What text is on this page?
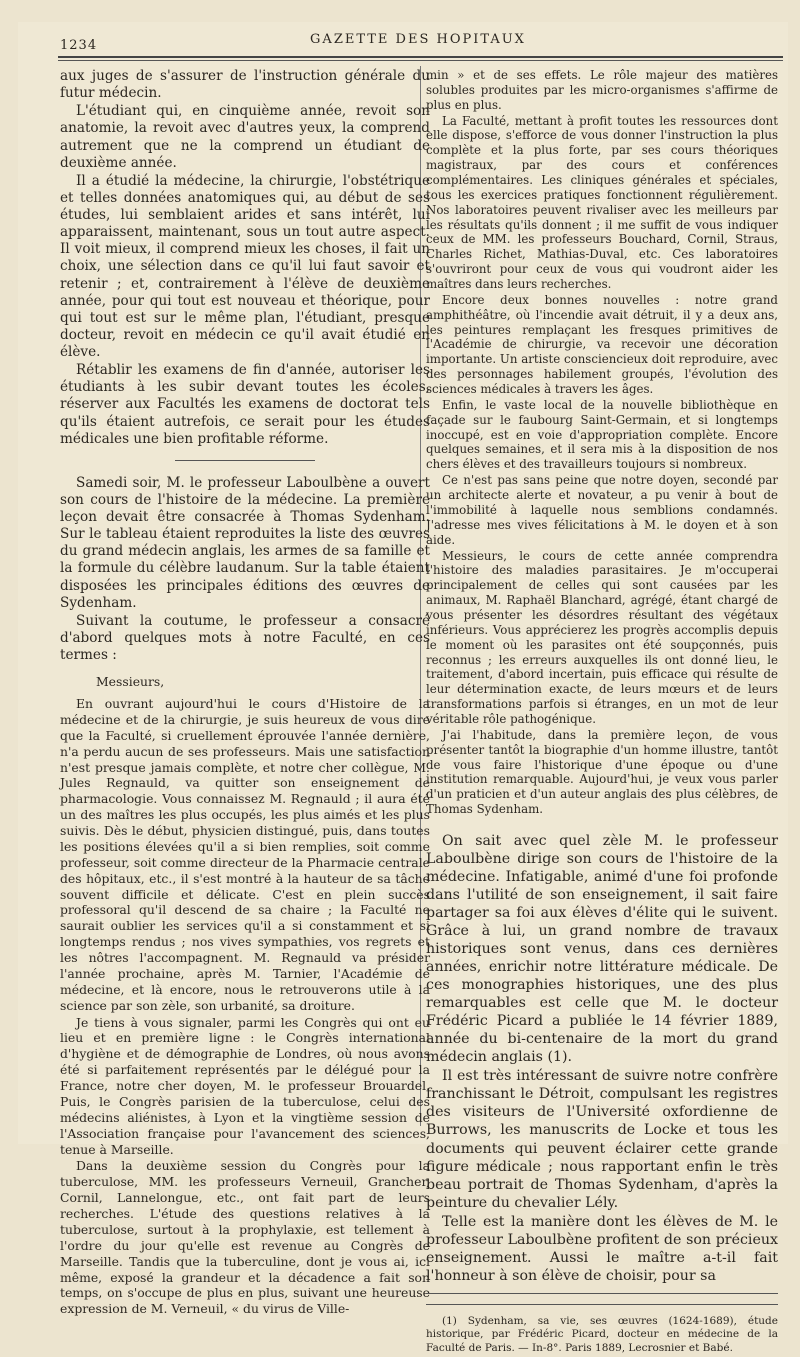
1234	GAZETTE DES HOPITAUX

aux juges de s'assurer de l'instruction générale du futur médecin.

L'étudiant qui, en cinquième année, revoit son anatomie, la revoit avec d'autres yeux, la comprend autrement que ne la comprend un étudiant de deuxième année.

Il a étudié la médecine, la chirurgie, l'obstétrique et telles données anatomiques qui, au début de ses études, lui semblaient arides et sans intérêt, lui apparaissent, maintenant, sous un tout autre aspect. Il voit mieux, il comprend mieux les choses, il fait un choix, une sélection dans ce qu'il lui faut savoir et retenir ; et, contrairement à l'élève de deuxième année, pour qui tout est nouveau et théorique, pour qui tout est sur le même plan, l'étudiant, presque docteur, revoit en médecin ce qu'il avait étudié en élève.

Rétablir les examens de fin d'année, autoriser les étudiants à les subir devant toutes les écoles, réserver aux Facultés les examens de doctorat tels qu'ils étaient autrefois, ce serait pour les études médicales une bien profitable réforme.

Samedi soir, M. le professeur Laboulbène a ouvert son cours de l'histoire de la médecine. La première leçon devait être consacrée à Thomas Sydenham. Sur le tableau étaient reproduites la liste des œuvres du grand médecin anglais, les armes de sa famille et la formule du célèbre laudanum. Sur la table étaient disposées les principales éditions des œuvres de Sydenham.

Suivant la coutume, le professeur a consacré d'abord quelques mots à notre Faculté, en ces termes :

Messieurs,

En ouvrant aujourd'hui le cours d'Histoire de la médecine et de la chirurgie, je suis heureux de vous dire que la Faculté, si cruellement éprouvée l'année dernière, n'a perdu aucun de ses professeurs. Mais une satisfaction n'est presque jamais complète, et notre cher collègue, M. Jules Regnauld, va quitter son enseignement de pharmacologie. Vous connaissez M. Regnauld ; il aura été un des maîtres les plus occupés, les plus aimés et les plus suivis. Dès le début, physicien distingué, puis, dans toutes les positions élevées qu'il a si bien remplies, soit comme professeur, soit comme directeur de la Pharmacie centrale des hôpitaux, etc., il s'est montré à la hauteur de sa tâche souvent difficile et délicate. C'est en plein succès professoral qu'il descend de sa chaire ; la Faculté ne saurait oublier les services qu'il a si constamment et si longtemps rendus ; nos vives sympathies, vos regrets et les nôtres l'accompagnent. M. Regnauld va présider l'année prochaine, après M. Tarnier, l'Académie de médecine, et là encore, nous le retrouverons utile à la science par son zèle, son urbanité, sa droiture.

Je tiens à vous signaler, parmi les Congrès qui ont eu lieu et en première ligne : le Congrès international d'hygiène et de démographie de Londres, où nous avons été si parfaitement représentés par le délégué pour la France, notre cher doyen, M. le professeur Brouardel. Puis, le Congrès parisien de la tuberculose, celui des médecins aliénistes, à Lyon et la vingtième session de l'Association française pour l'avancement des sciences, tenue à Marseille.

Dans la deuxième session du Congrès pour la tuberculose, MM. les professeurs Verneuil, Grancher, Cornil, Lannelongue, etc., ont fait part de leurs recherches. L'étude des questions relatives à la tuberculose, surtout à la prophylaxie, est tellement à l'ordre du jour qu'elle est revenue au Congrès de Marseille. Tandis que la tuberculine, dont je vous ai, ici même, exposé la grandeur et la décadence a fait son temps, on s'occupe de plus en plus, suivant une heureuse expression de M. Verneuil, « du virus de Ville-

min » et de ses effets. Le rôle majeur des matières solubles produites par les micro-organismes s'affirme de plus en plus.

La Faculté, mettant à profit toutes les ressources dont elle dispose, s'efforce de vous donner l'instruction la plus complète et la plus forte, par ses cours théoriques magistraux, par des cours et conférences complémentaires. Les cliniques générales et spéciales, tous les exercices pratiques fonctionnent régulièrement. Nos laboratoires peuvent rivaliser avec les meilleurs par les résultats qu'ils donnent ; il me suffit de vous indiquer ceux de MM. les professeurs Bouchard, Cornil, Straus, Charles Richet, Mathias-Duval, etc. Ces laboratoires s'ouvriront pour ceux de vous qui voudront aider les maîtres dans leurs recherches.

Encore deux bonnes nouvelles : notre grand amphithéâtre, où l'incendie avait détruit, il y a deux ans, les peintures remplaçant les fresques primitives de l'Académie de chirurgie, va recevoir une décoration importante. Un artiste consciencieux doit reproduire, avec des personnages habilement groupés, l'évolution des sciences médicales à travers les âges.

Enfin, le vaste local de la nouvelle bibliothèque en façade sur le faubourg Saint-Germain, et si longtemps inoccupé, est en voie d'appropriation complète. Encore quelques semaines, et il sera mis à la disposition de nos chers élèves et des travailleurs toujours si nombreux.

Ce n'est pas sans peine que notre doyen, secondé par un architecte alerte et novateur, a pu venir à bout de l'immobilité à laquelle nous semblions condamnés. J'adresse mes vives félicitations à M. le doyen et à son aide.

Messieurs, le cours de cette année comprendra l'histoire des maladies parasitaires. Je m'occuperai principalement de celles qui sont causées par les animaux, M. Raphaël Blanchard, agrégé, étant chargé de vous présenter les désordres résultant des végétaux inférieurs. Vous apprécierez les progrès accomplis depuis le moment où les parasites ont été soupçonnés, puis reconnus ; les erreurs auxquelles ils ont donné lieu, le traitement, d'abord incertain, puis efficace qui résulte de leur détermination exacte, de leurs mœurs et de leurs transformations parfois si étranges, en un mot de leur véritable rôle pathogénique.

J'ai l'habitude, dans la première leçon, de vous présenter tantôt la biographie d'un homme illustre, tantôt de vous faire l'historique d'une époque ou d'une institution remarquable. Aujourd'hui, je veux vous parler d'un praticien et d'un auteur anglais des plus célèbres, de Thomas Sydenham.

On sait avec quel zèle M. le professeur Laboulbène dirige son cours de l'histoire de la médecine. Infatigable, animé d'une foi profonde dans l'utilité de son enseignement, il sait faire partager sa foi aux élèves d'élite qui le suivent. Grâce à lui, un grand nombre de travaux historiques sont venus, dans ces dernières années, enrichir notre littérature médicale. De ces monographies historiques, une des plus remarquables est celle que M. le docteur Frédéric Picard a publiée le 14 février 1889, année du bi-centenaire de la mort du grand médecin anglais (1).

Il est très intéressant de suivre notre confrère franchissant le Détroit, compulsant les registres des visiteurs de l'Université oxfordienne de Burrows, les manuscrits de Locke et tous les documents qui peuvent éclairer cette grande figure médicale ; nous rapportant enfin le très beau portrait de Thomas Sydenham, d'après la peinture du chevalier Lély.

Telle est la manière dont les élèves de M. le professeur Laboulbène profitent de son précieux enseignement. Aussi le maître a-t-il fait l'honneur à son élève de choisir, pour sa

(1) Sydenham, sa vie, ses œuvres (1624-1689), étude historique, par Frédéric Picard, docteur en médecine de la Faculté de Paris. — In-8°. Paris 1889, Lecrosnier et Babé.
